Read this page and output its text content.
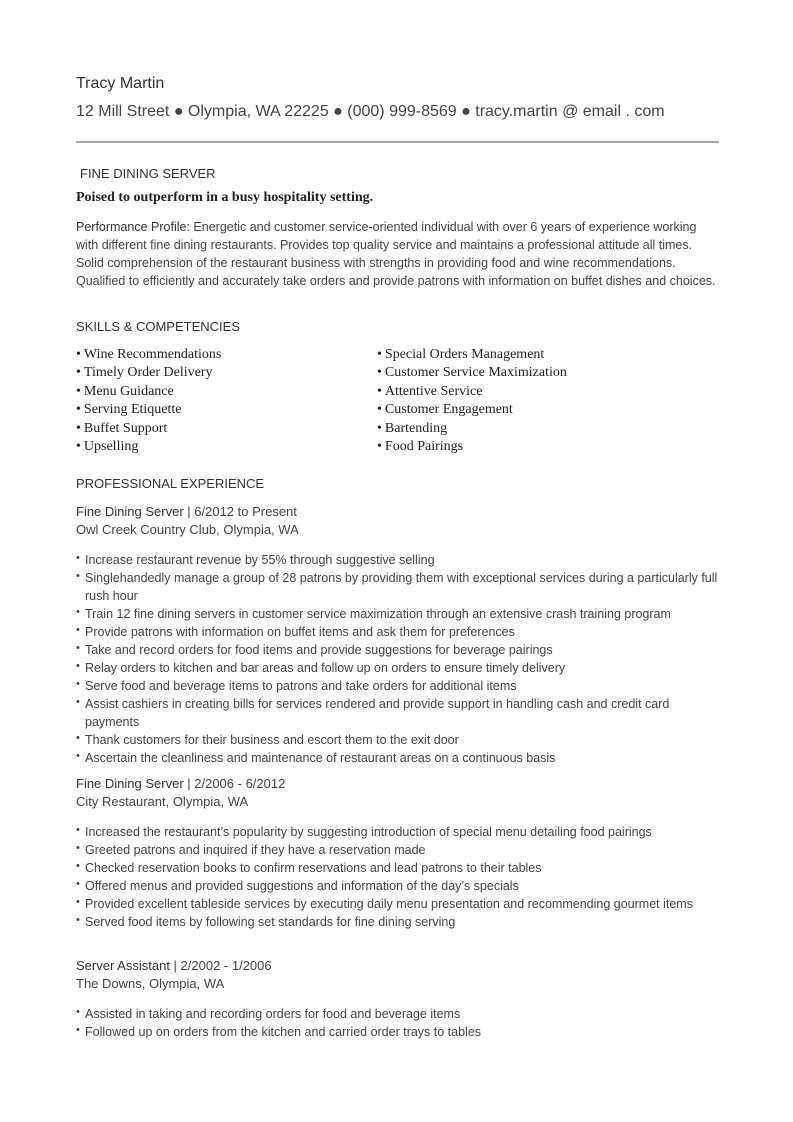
Tracy Martin
12 Mill Street ● Olympia, WA 22225 ● (000) 999-8569 ● tracy.martin @ email . com
FINE DINING SERVER
Poised to outperform in a busy hospitality setting.
Performance Profile: Energetic and customer service-oriented individual with over 6 years of experience working with different fine dining restaurants. Provides top quality service and maintains a professional attitude all times. Solid comprehension of the restaurant business with strengths in providing food and wine recommendations. Qualified to efficiently and accurately take orders and provide patrons with information on buffet dishes and choices.
SKILLS & COMPETENCIES
• Wine Recommendations
• Timely Order Delivery
• Menu Guidance
• Serving Etiquette
• Buffet Support
• Upselling
• Special Orders Management
• Customer Service Maximization
• Attentive Service
• Customer Engagement
• Bartending
• Food Pairings
PROFESSIONAL EXPERIENCE
Fine Dining Server | 6/2012 to Present
Owl Creek Country Club, Olympia, WA
• Increase restaurant revenue by 55% through suggestive selling
• Singlehandedly manage a group of 28 patrons by providing them with exceptional services during a particularly full rush hour
• Train 12 fine dining servers in customer service maximization through an extensive crash training program
• Provide patrons with information on buffet items and ask them for preferences
• Take and record orders for food items and provide suggestions for beverage pairings
• Relay orders to kitchen and bar areas and follow up on orders to ensure timely delivery
• Serve food and beverage items to patrons and take orders for additional items
• Assist cashiers in creating bills for services rendered and provide support in handling cash and credit card payments
• Thank customers for their business and escort them to the exit door
• Ascertain the cleanliness and maintenance of restaurant areas on a continuous basis
Fine Dining Server | 2/2006 - 6/2012
City Restaurant, Olympia, WA
• Increased the restaurant’s popularity by suggesting introduction of special menu detailing food pairings
• Greeted patrons and inquired if they have a reservation made
• Checked reservation books to confirm reservations and lead patrons to their tables
• Offered menus and provided suggestions and information of the day’s specials
• Provided excellent tableside services by executing daily menu presentation and recommending gourmet items
• Served food items by following set standards for fine dining serving
Server Assistant | 2/2002 - 1/2006
The Downs, Olympia, WA
• Assisted in taking and recording orders for food and beverage items
• Followed up on orders from the kitchen and carried order trays to tables
